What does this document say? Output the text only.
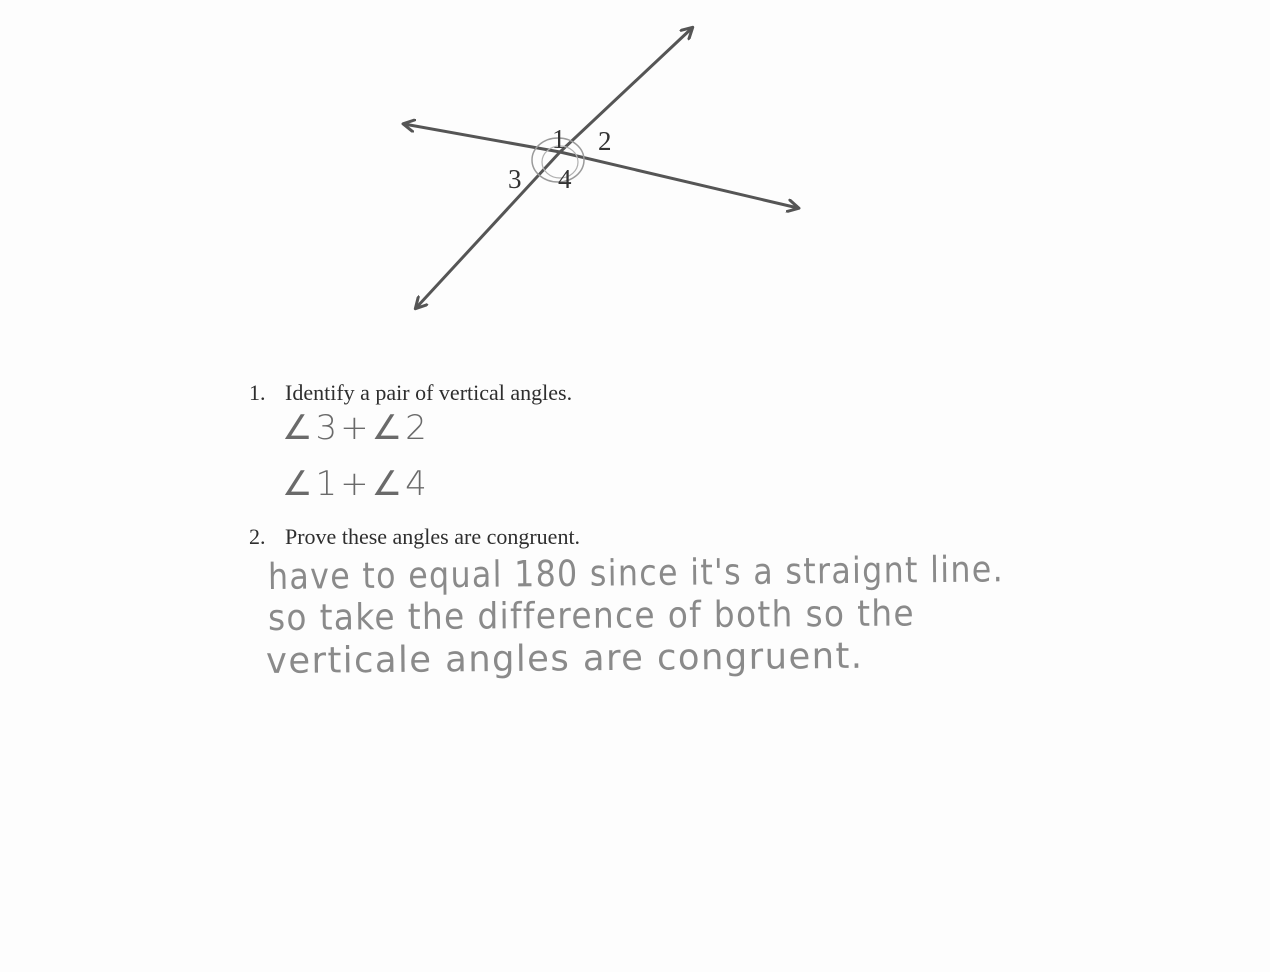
1 2
3 4
1. Identify a pair of vertical angles.
∠3+∠2
∠1+∠4
2. Prove these angles are congruent.
have to equal 180 since it's a straignt line.
so take the difference of both so the
verticale angles are congruent.
